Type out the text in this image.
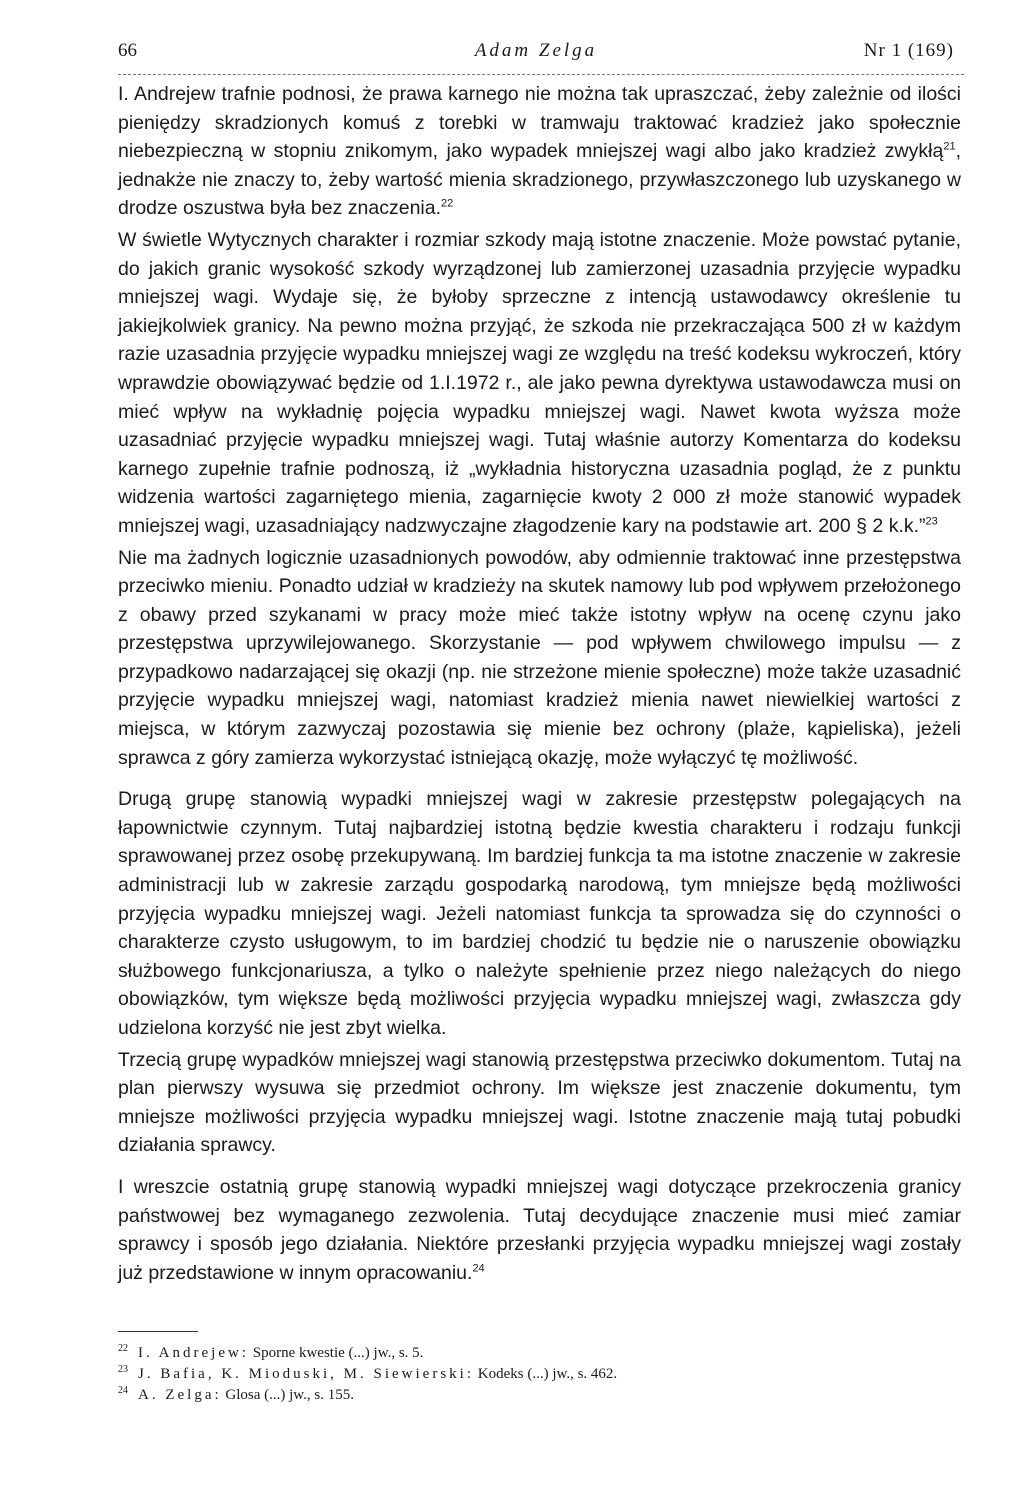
66	Adam Zelga	Nr 1 (169)

I. Andrejew trafnie podnosi, że prawa karnego nie można tak upraszczać, żeby zależnie od ilości pieniędzy skradzionych komuś z torebki w tramwaju traktować kradzież jako społecznie niebezpieczną w stopniu znikomym, jako wypadek mniejszej wagi albo jako kradzież zwykłą$^{21}$, jednakże nie znaczy to, żeby wartość mienia skradzionego, przywłaszczonego lub uzyskanego w drodze oszustwa była bez znaczenia.$^{22}$

W świetle Wytycznych charakter i rozmiar szkody mają istotne znaczenie. Może powstać pytanie, do jakich granic wysokość szkody wyrządzonej lub zamierzonej uzasadnia przyjęcie wypadku mniejszej wagi. Wydaje się, że byłoby sprzeczne z intencją ustawodawcy określenie tu jakiejkolwiek granicy. Na pewno można przyjąć, że szkoda nie przekraczająca 500 zł w każdym razie uzasadnia przyjęcie wypadku mniejszej wagi ze względu na treść kodeksu wykroczeń, który wprawdzie obowiązywać będzie od 1.I.1972 r., ale jako pewna dyrektywa ustawodawcza musi on mieć wpływ na wykładnię pojęcia wypadku mniejszej wagi. Nawet kwota wyższa może uzasadniać przyjęcie wypadku mniejszej wagi. Tutaj właśnie autorzy Komentarza do kodeksu karnego zupełnie trafnie podnoszą, iż „wykładnia historyczna uzasadnia pogląd, że z punktu widzenia wartości zagarniętego mienia, zagarnięcie kwoty 2 000 zł może stanowić wypadek mniejszej wagi, uzasadniający nadzwyczajne złagodzenie kary na podstawie art. 200 § 2 k.k.”$^{23}$

Nie ma żadnych logicznie uzasadnionych powodów, aby odmiennie traktować inne przestępstwa przeciwko mieniu. Ponadto udział w kradzieży na skutek namowy lub pod wpływem przełożonego z obawy przed szykanami w pracy może mieć także istotny wpływ na ocenę czynu jako przestępstwa uprzywilejowanego. Skorzystanie — pod wpływem chwilowego impulsu — z przypadkowo nadarzającej się okazji (np. nie strzeżone mienie społeczne) może także uzasadnić przyjęcie wypadku mniejszej wagi, natomiast kradzież mienia nawet niewielkiej wartości z miejsca, w którym zazwyczaj pozostawia się mienie bez ochrony (plaże, kąpieliska), jeżeli sprawca z góry zamierza wykorzystać istniejącą okazję, może wyłączyć tę możliwość.

Drugą grupę stanowią wypadki mniejszej wagi w zakresie przestępstw polegających na łapownictwie czynnym. Tutaj najbardziej istotną będzie kwestia charakteru i rodzaju funkcji sprawowanej przez osobę przekupywaną. Im bardziej funkcja ta ma istotne znaczenie w zakresie administracji lub w zakresie zarządu gospodarką narodową, tym mniejsze będą możliwości przyjęcia wypadku mniejszej wagi. Jeżeli natomiast funkcja ta sprowadza się do czynności o charakterze czysto usługowym, to im bardziej chodzić tu będzie nie o naruszenie obowiązku służbowego funkcjonariusza, a tylko o należyte spełnienie przez niego należących do niego obowiązków, tym większe będą możliwości przyjęcia wypadku mniejszej wagi, zwłaszcza gdy udzielona korzyść nie jest zbyt wielka.

Trzecią grupę wypadków mniejszej wagi stanowią przestępstwa przeciwko dokumentom. Tutaj na plan pierwszy wysuwa się przedmiot ochrony. Im większe jest znaczenie dokumentu, tym mniejsze możliwości przyjęcia wypadku mniejszej wagi. Istotne znaczenie mają tutaj pobudki działania sprawcy.

I wreszcie ostatnią grupę stanowią wypadki mniejszej wagi dotyczące przekroczenia granicy państwowej bez wymaganego zezwolenia. Tutaj decydujące znaczenie musi mieć zamiar sprawcy i sposób jego działania. Niektóre przesłanki przyjęcia wypadku mniejszej wagi zostały już przedstawione w innym opracowaniu.$^{24}$

$^{22}$ I. Andrejew: Sporne kwestie (...) jw., s. 5.
$^{23}$ J. Bafia, K. Mioduski, M. Siewierski: Kodeks (...) jw., s. 462.
$^{24}$ A. Zelga: Glosa (...) jw., s. 155.
